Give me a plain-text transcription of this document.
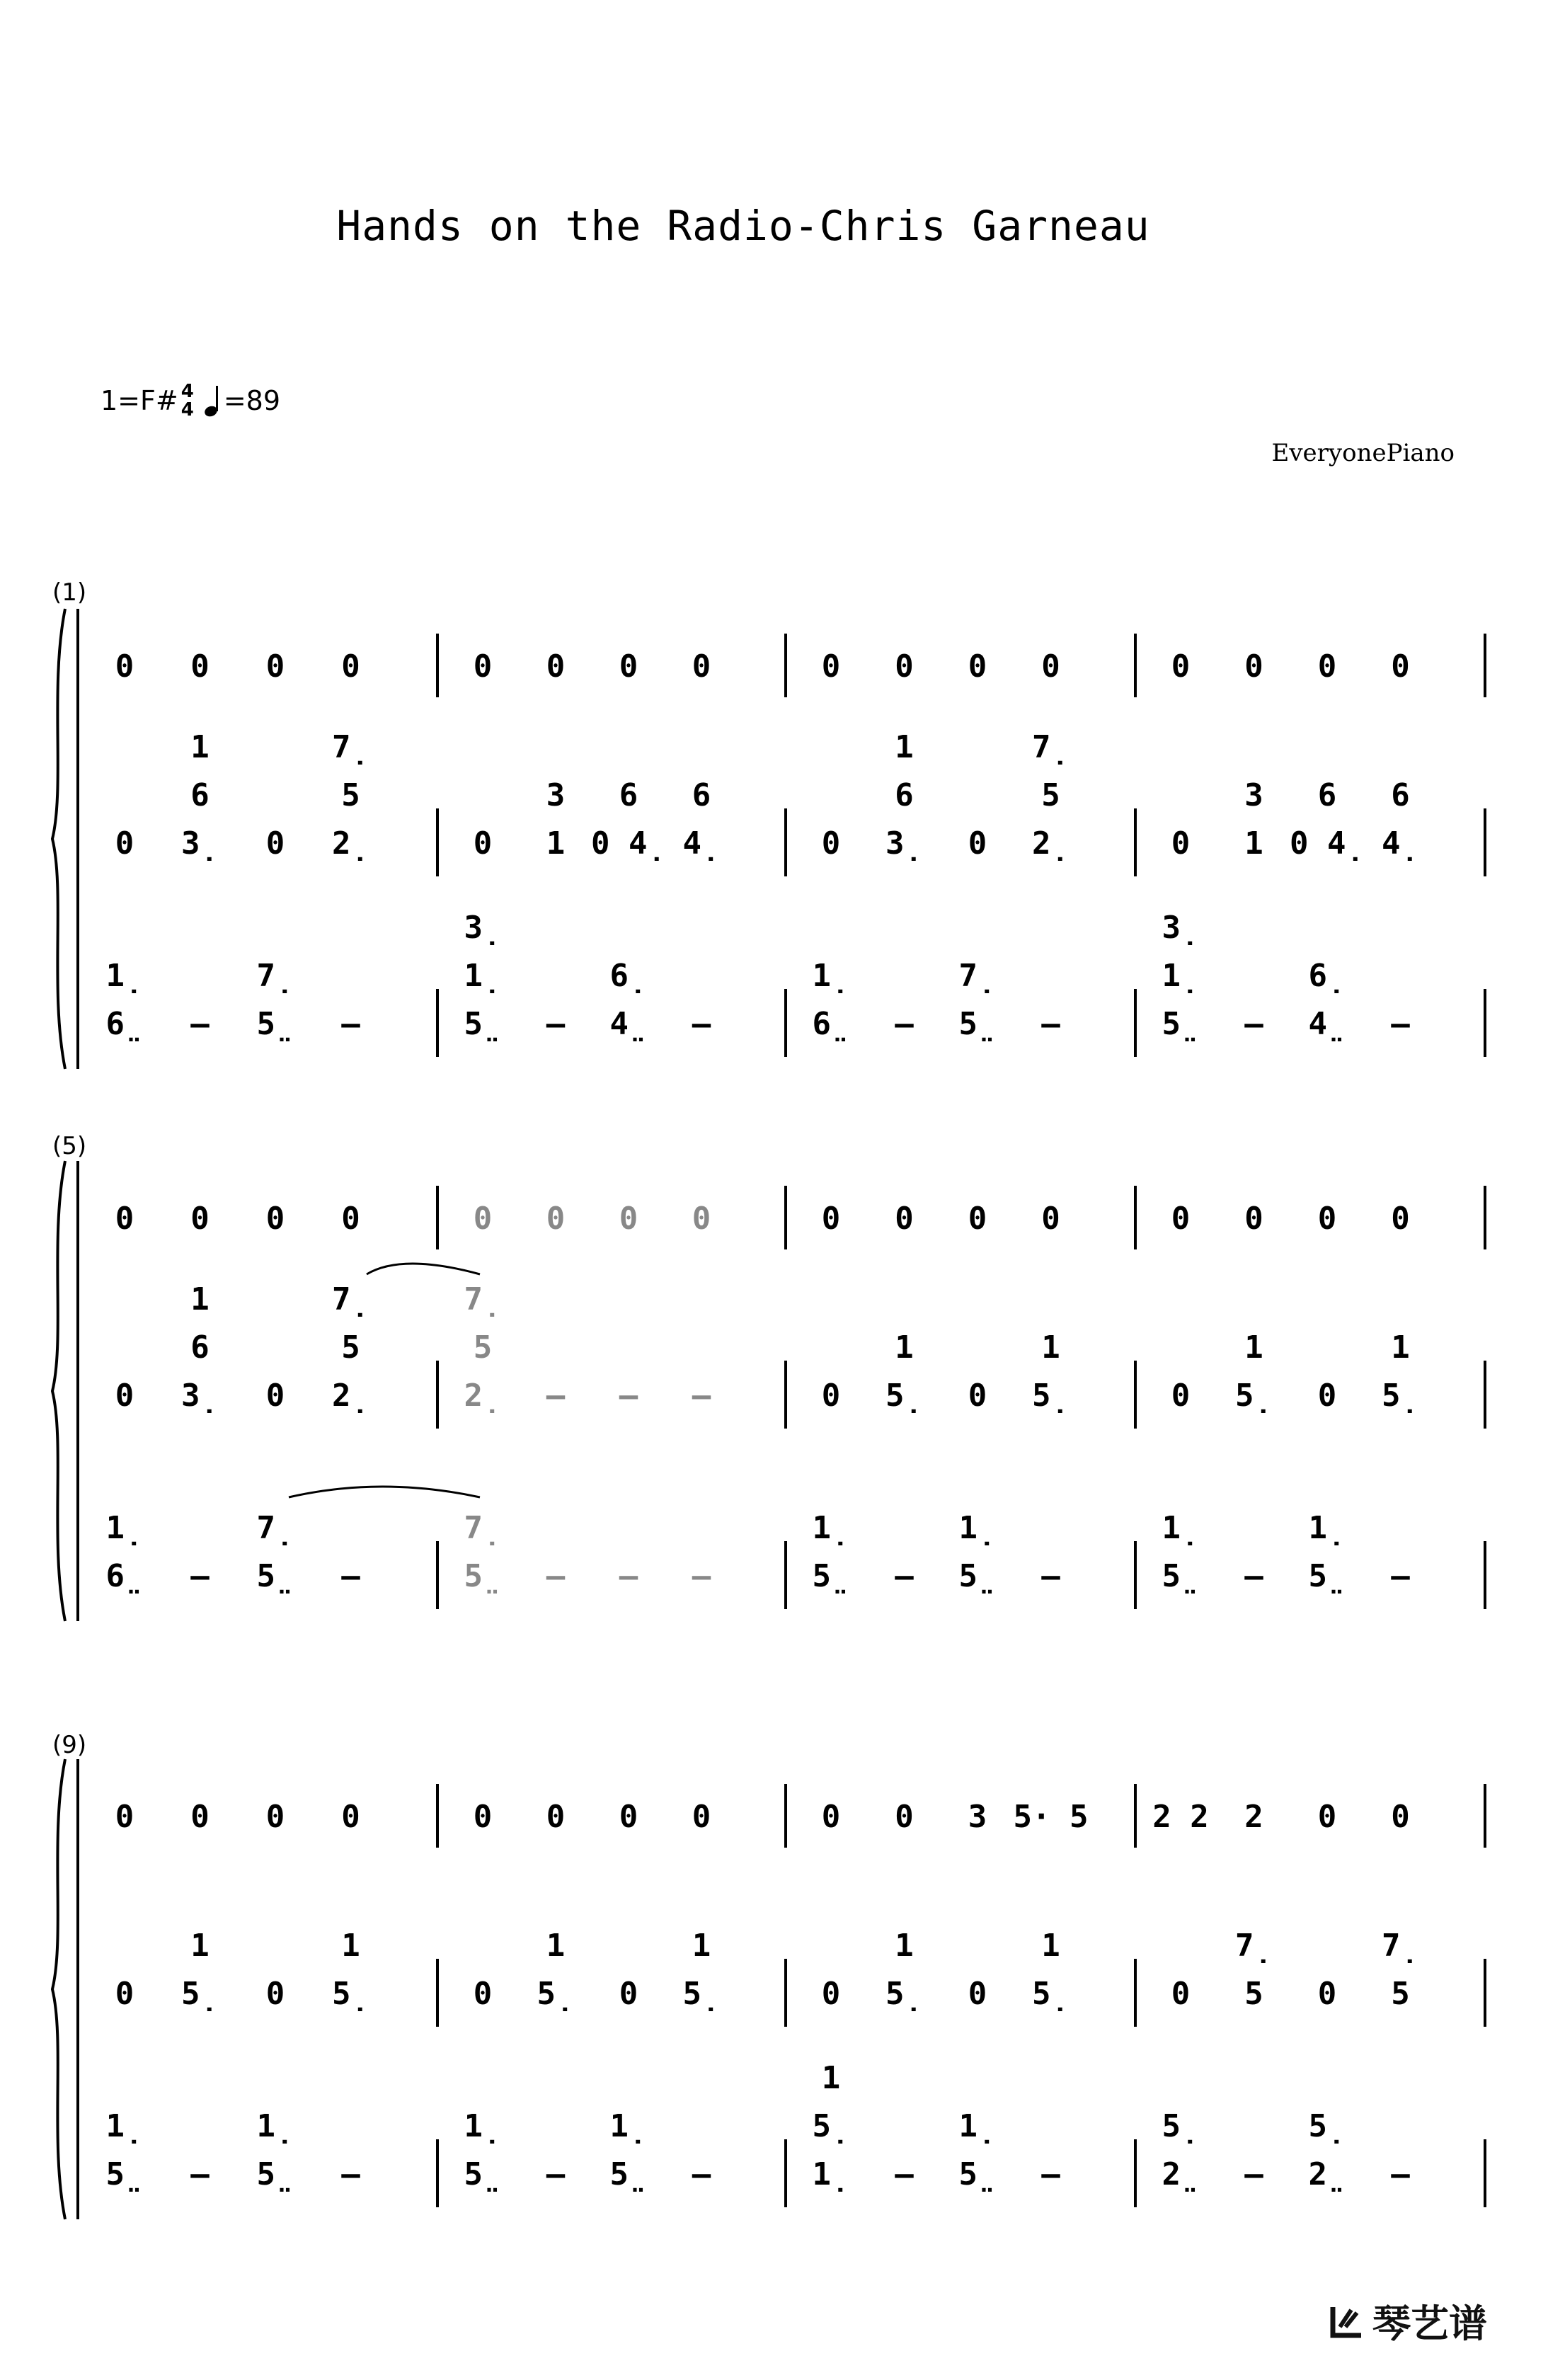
Hands on the Radio-Chris Garneau
1=F# 4
4 =89
EveryonePiano
(1)
0 0 0 0
0 3̣
6
1
0 2̣
5
7̣
6̤
1̣
– 5̤
7̣
–
0 0 0 0
0 1
3
0 4̣
6
4̣
6
5̤
1̣
3̣
– 4̤
6̣
–
0 0 0 0
0 3̣
6
1
0 2̣
5
7̣
6̤
1̣
– 5̤
7̣
–
0 0 0 0
0 1
3
0 4̣
6
4̣
6
5̤
1̣
3̣
– 4̤
6̣
–
(5)
0 0 0 0
0 3̣
6
1
0 2̣
5
7̣
6̤
1̣
– 5̤
7̣
–
0 0 0 0
2̣
5
7̣
– – –
5̤
7̣
– – –
0 0 0 0
0 5̣
1
0 5̣
1
5̤
1̣
– 5̤
1̣
–
0 0 0 0
0 5̣
1
0 5̣
1
5̤
1̣
– 5̤
1̣
–
(9)
0 0 0 0
0 5̣
1
0 5̣
1
5̤
1̣
– 5̤
1̣
–
0 0 0 0
0 5̣
1
0 5̣
1
5̤
1̣
– 5̤
1̣
–
0 0 3 5· 5
0 5̣
1
0 5̣
1
1̣
5̣
1
– 5̤
1̣
–
2 2 2 0 0
0 5
7̣
0 5
7̣
2̤
5̣
– 2̤
5̣
–
琴艺谱
